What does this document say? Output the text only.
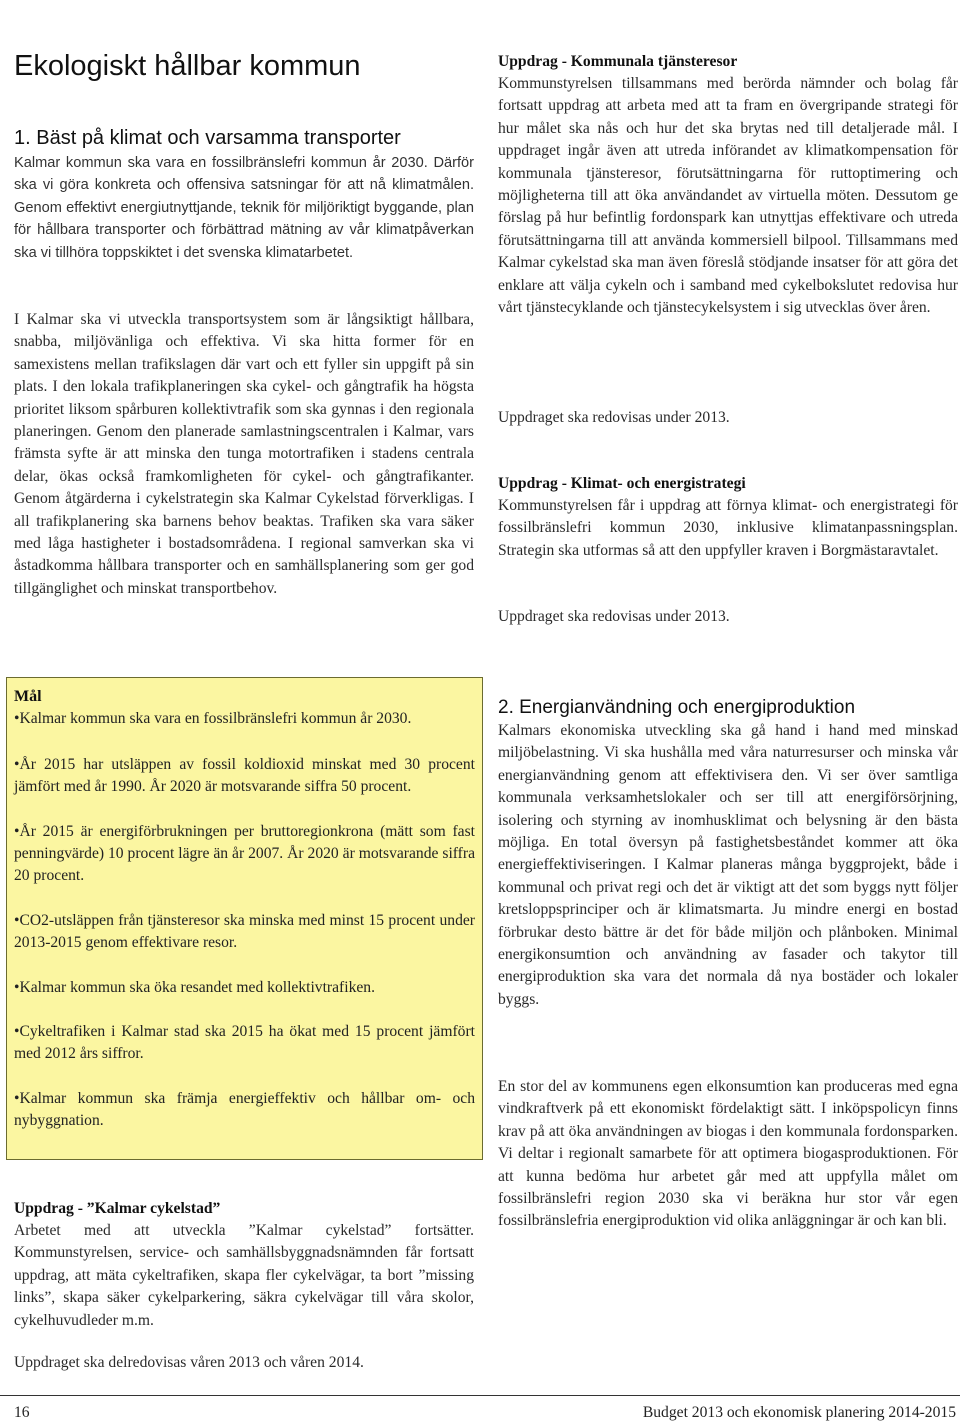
Ekologiskt hållbar kommun
1. Bäst på klimat och varsamma transporter

Kalmar kommun ska vara en fossilbränslefri kommun år 2030. Därför ska vi göra konkreta och offensiva satsningar för att nå klimatmålen. Genom effektivt energiutnyttjande, teknik för miljöriktigt byggande, plan för hållbara transporter och förbättrad mätning av vår klimatpåverkan ska vi tillhöra toppskiktet i det svenska klimatarbetet.

I Kalmar ska vi utveckla transportsystem som är långsiktigt hållbara, snabba, miljövänliga och effektiva. Vi ska hitta former för en samexistens mellan trafikslagen där vart och ett fyller sin uppgift på sin plats. I den lokala trafikplaneringen ska cykel- och gångtrafik ha högsta prioritet liksom spårburen kollektivtrafik som ska gynnas i den regionala planeringen. Genom den planerade samlastningscentralen i Kalmar, vars främsta syfte är att minska den tunga motortrafiken i stadens centrala delar, ökas också framkomligheten för cykel- och gångtrafikanter. Genom åtgärderna i cykelstrategin ska Kalmar Cykelstad förverkligas. I all trafikplanering ska barnens behov beaktas. Trafiken ska vara säker med låga hastigheter i bostadsområdena. I regional samverkan ska vi åstadkomma hållbara transporter och en samhällsplanering som ger god tillgänglighet och minskat transportbehov.

Uppdrag - Kommunala tjänsteresor

Kommunstyrelsen tillsammans med berörda nämnder och bolag får fortsatt uppdrag att arbeta med att ta fram en övergripande strategi för hur målet ska nås och hur det ska brytas ned till detaljerade mål. I uppdraget ingår även att utreda införandet av klimatkompensation för kommunala tjänsteresor, förutsättningarna för ruttoptimering och möjligheterna till att öka användandet av virtuella möten. Dessutom ge förslag på hur befintlig fordonspark kan utnyttjas effektivare och utreda förutsättningarna till att använda kommersiell bilpool. Tillsammans med Kalmar cykelstad ska man även föreslå stödjande insatser för att göra det enklare att välja cykeln och i samband med cykelbokslutet redovisa hur vårt tjänstecyklande och tjänstecykelsystem i sig utvecklas över åren.

Uppdraget ska redovisas under 2013.

Uppdrag - Klimat- och energistrategi

Kommunstyrelsen får i uppdrag att förnya klimat- och energistrategi för fossilbränslefri kommun 2030, inklusive klimatanpassningsplan. Strategin ska utformas så att den uppfyller kraven i Borgmästaravtalet.

Uppdraget ska redovisas under 2013.

Mål

•Kalmar kommun ska vara en fossilbränslefri kommun år 2030.

•År 2015 har utsläppen av fossil koldioxid minskat med 30 procent jämfört med år 1990. År 2020 är motsvarande siffra 50 procent.

•År 2015 är energiförbrukningen per bruttoregionkrona (mätt som fast penningvärde) 10 procent lägre än år 2007. År 2020 är motsvarande siffra 20 procent.

•CO2-utsläppen från tjänsteresor ska minska med minst 15 procent under 2013-2015 genom effektivare resor.

•Kalmar kommun ska öka resandet med kollektivtrafiken.

•Cykeltrafiken i Kalmar stad ska 2015 ha ökat med 15 procent jämfört med 2012 års siffror.

•Kalmar kommun ska främja energieffektiv och hållbar om- och nybyggnation.

Uppdrag - ”Kalmar cykelstad”

Arbetet med att utveckla ”Kalmar cykelstad” fortsätter. Kommunstyrelsen, service- och samhällsbyggnadsnämnden får fortsatt uppdrag, att mäta cykeltrafiken, skapa fler cykelvägar, ta bort ”missing links”, skapa säker cykelparkering, säkra cykelvägar till våra skolor, cykelhuvudleder m.m.

Uppdraget ska delredovisas våren 2013 och våren 2014.

2. Energianvändning och energiproduktion

Kalmars ekonomiska utveckling ska gå hand i hand med minskad miljöbelastning. Vi ska hushålla med våra naturresurser och minska vår energianvändning genom att effektivisera den. Vi ser över samtliga kommunala verksamhetslokaler och ser till att energiförsörjning, isolering och styrning av inomhusklimat och belysning är den bästa möjliga. En total översyn på fastighetsbeståndet kommer att öka energieffektiviseringen. I Kalmar planeras många byggprojekt, både i kommunal och privat regi och det är viktigt att det som byggs nytt följer kretsloppsprinciper och är klimatsmarta. Ju mindre energi en bostad förbrukar desto bättre är det för både miljön och plånboken. Minimal energikonsumtion och användning av fasader och takytor till energiproduktion ska vara det normala då nya bostäder och lokaler byggs.

En stor del av kommunens egen elkonsumtion kan produceras med egna vindkraftverk på ett ekonomiskt fördelaktigt sätt. I inköpspolicyn finns krav på att öka användningen av biogas i den kommunala fordonsparken. Vi deltar i regionalt samarbete för att optimera biogasproduktionen. För att kunna bedöma hur arbetet går med att uppfylla målet om fossilbränslefri region 2030 ska vi beräkna hur stor vår egen fossilbränslefria energiproduktion vid olika anläggningar är och kan bli.

16	Budget 2013 och ekonomisk planering 2014-2015
